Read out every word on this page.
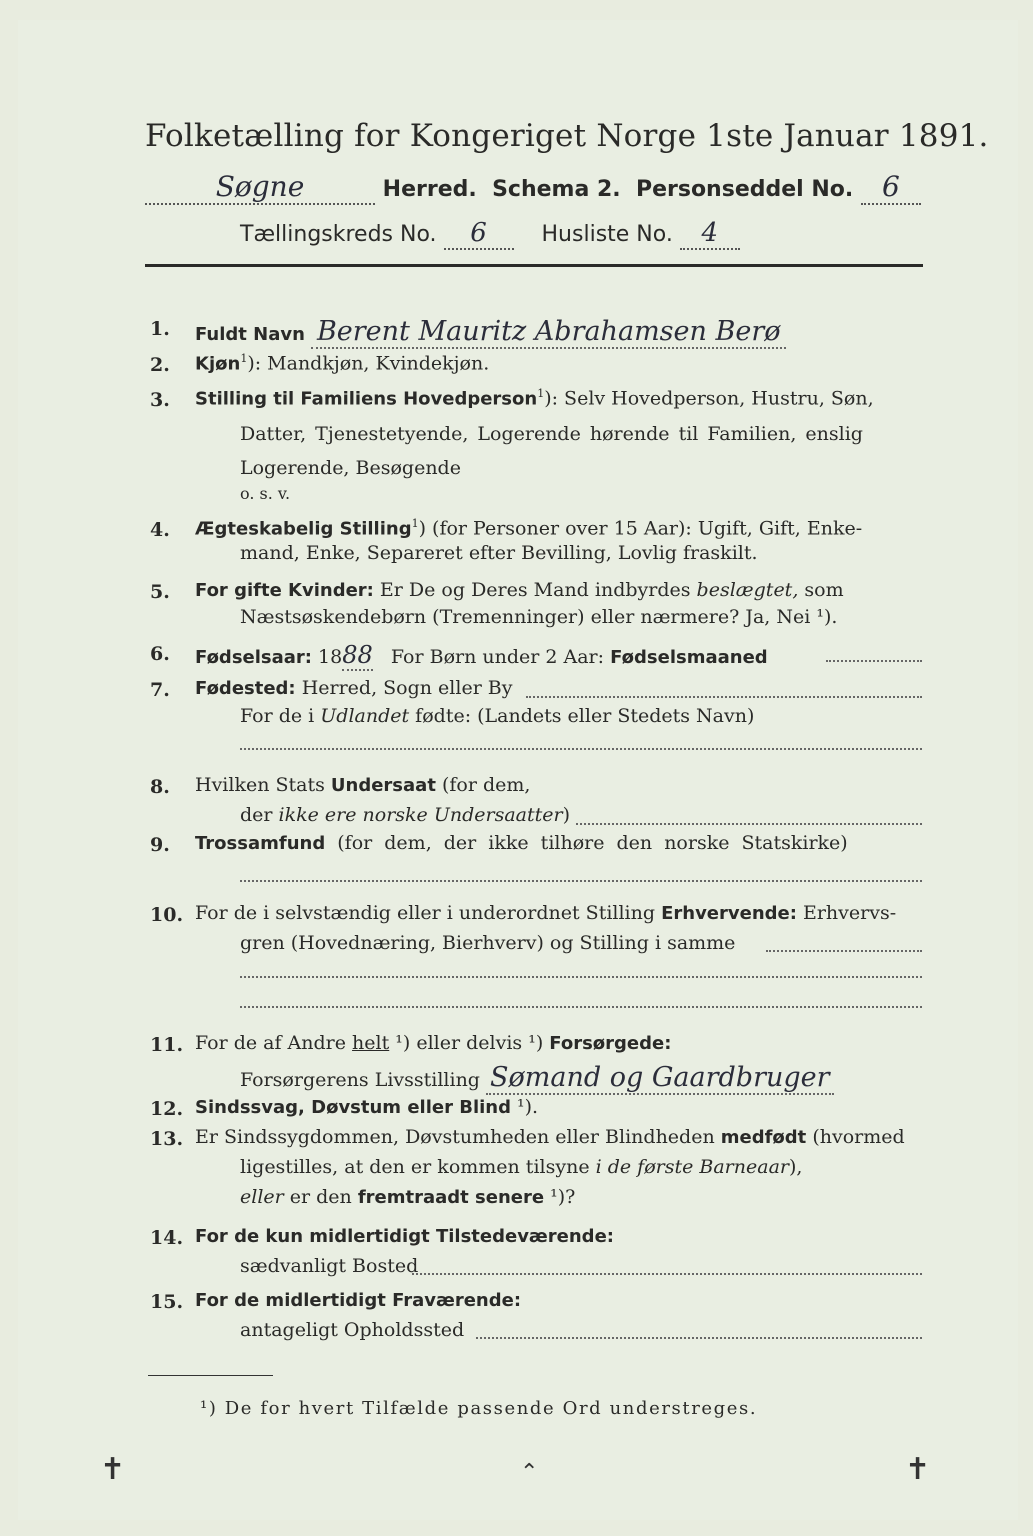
Folketælling for Kongeriget Norge 1ste Januar 1891.
Søgne	Herred. Schema 2. Personseddel No. 6
Tællingskreds No. 6 Husliste No. 4
1. Fuldt Navn Berent Mauritz Abrahamsen Berø
2. Kjøn$^1$): Mandkjøn, Kvindekjøn.
3. Stilling til Familiens Hovedperson$^1$): Selv Hovedperson, Hustru, Søn,
Datter, Tjenestetyende, Logerende hørende til Familien, enslig
Logerende, Besøgende
o. s. v.
4. Ægteskabelig Stilling$^1$) (for Personer over 15 Aar): Ugift, Gift, Enke-
mand, Enke, Separeret efter Bevilling, Lovlig fraskilt.
5. For gifte Kvinder: Er De og Deres Mand indbyrdes beslægtet, som
Næstsøskendebørn (Tremenninger) eller nærmere? Ja, Nei ¹).
6. Fødselsaar: 1888 For Børn under 2 Aar: Fødselsmaaned
7. Fødested: Herred, Sogn eller By
For de i Udlandet fødte: (Landets eller Stedets Navn)
8. Hvilken Stats Undersaat (for dem,
der ikke ere norske Undersaatter)
9. Trossamfund (for dem, der ikke tilhøre den norske Statskirke)
10. For de i selvstændig eller i underordnet Stilling Erhvervende: Erhvervs-
gren (Hovednæring, Bierhverv) og Stilling i samme
11. For de af Andre helt ¹) eller delvis ¹) Forsørgede:
Forsørgerens Livsstilling Sømand og Gaardbruger
12. Sindssvag, Døvstum eller Blind ¹).
13. Er Sindssygdommen, Døvstumheden eller Blindheden medfødt (hvormed
ligestilles, at den er kommen tilsyne i de første Barneaar),
eller er den fremtraadt senere ¹)?
14. For de kun midlertidigt Tilstedeværende:
sædvanligt Bosted
15. For de midlertidigt Fraværende:
antageligt Opholdssted
¹) De for hvert Tilfælde passende Ord understreges.
✝	⌃	✝
